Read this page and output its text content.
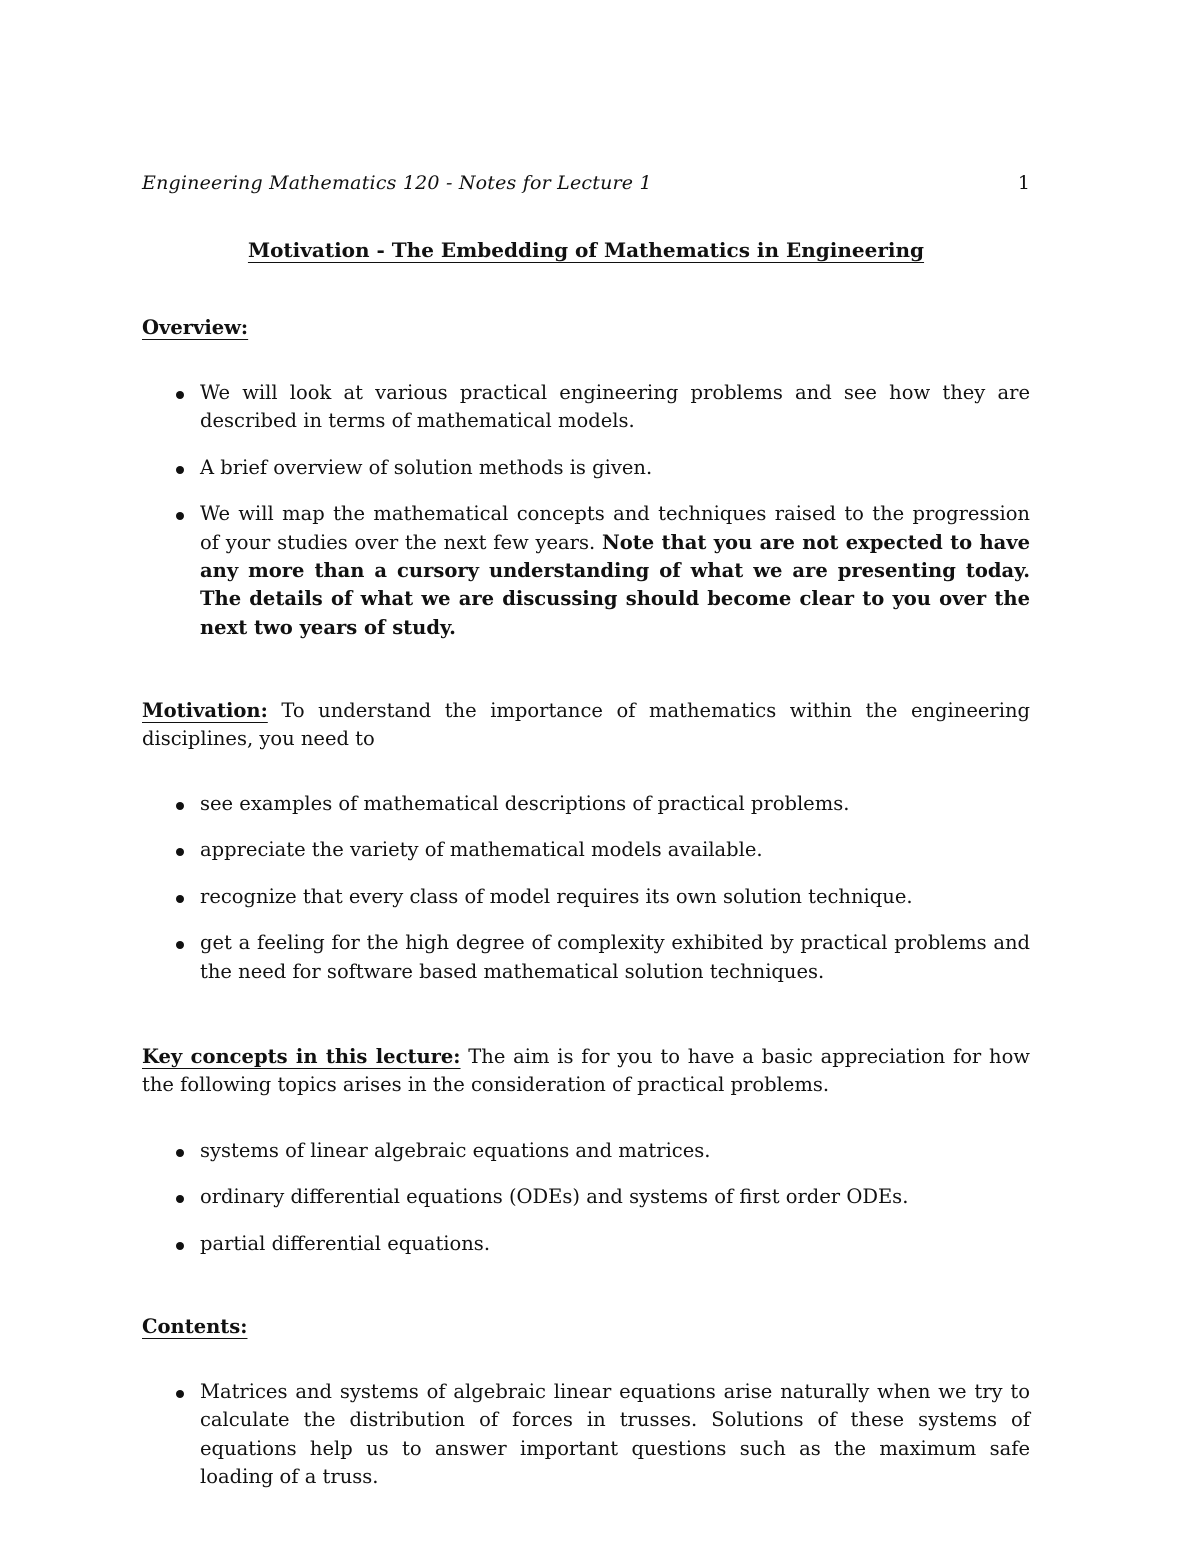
Engineering Mathematics 120 - Notes for Lecture 1	1
Motivation - The Embedding of Mathematics in Engineering
Overview:
We will look at various practical engineering problems and see how they are described in terms of mathematical models.
A brief overview of solution methods is given.
We will map the mathematical concepts and techniques raised to the progression of your studies over the next few years. Note that you are not expected to have any more than a cursory understanding of what we are presenting today. The details of what we are discussing should become clear to you over the next two years of study.

Motivation: To understand the importance of mathematics within the engineering disciplines, you need to

see examples of mathematical descriptions of practical problems.
appreciate the variety of mathematical models available.
recognize that every class of model requires its own solution technique.
get a feeling for the high degree of complexity exhibited by practical problems and the need for software based mathematical solution techniques.

Key concepts in this lecture: The aim is for you to have a basic appreciation for how the following topics arises in the consideration of practical problems.

systems of linear algebraic equations and matrices.
ordinary differential equations (ODEs) and systems of first order ODEs.
partial differential equations.
Contents:
Matrices and systems of algebraic linear equations arise naturally when we try to calculate the distribution of forces in trusses. Solutions of these systems of equations help us to answer important questions such as the maximum safe loading of a truss.
